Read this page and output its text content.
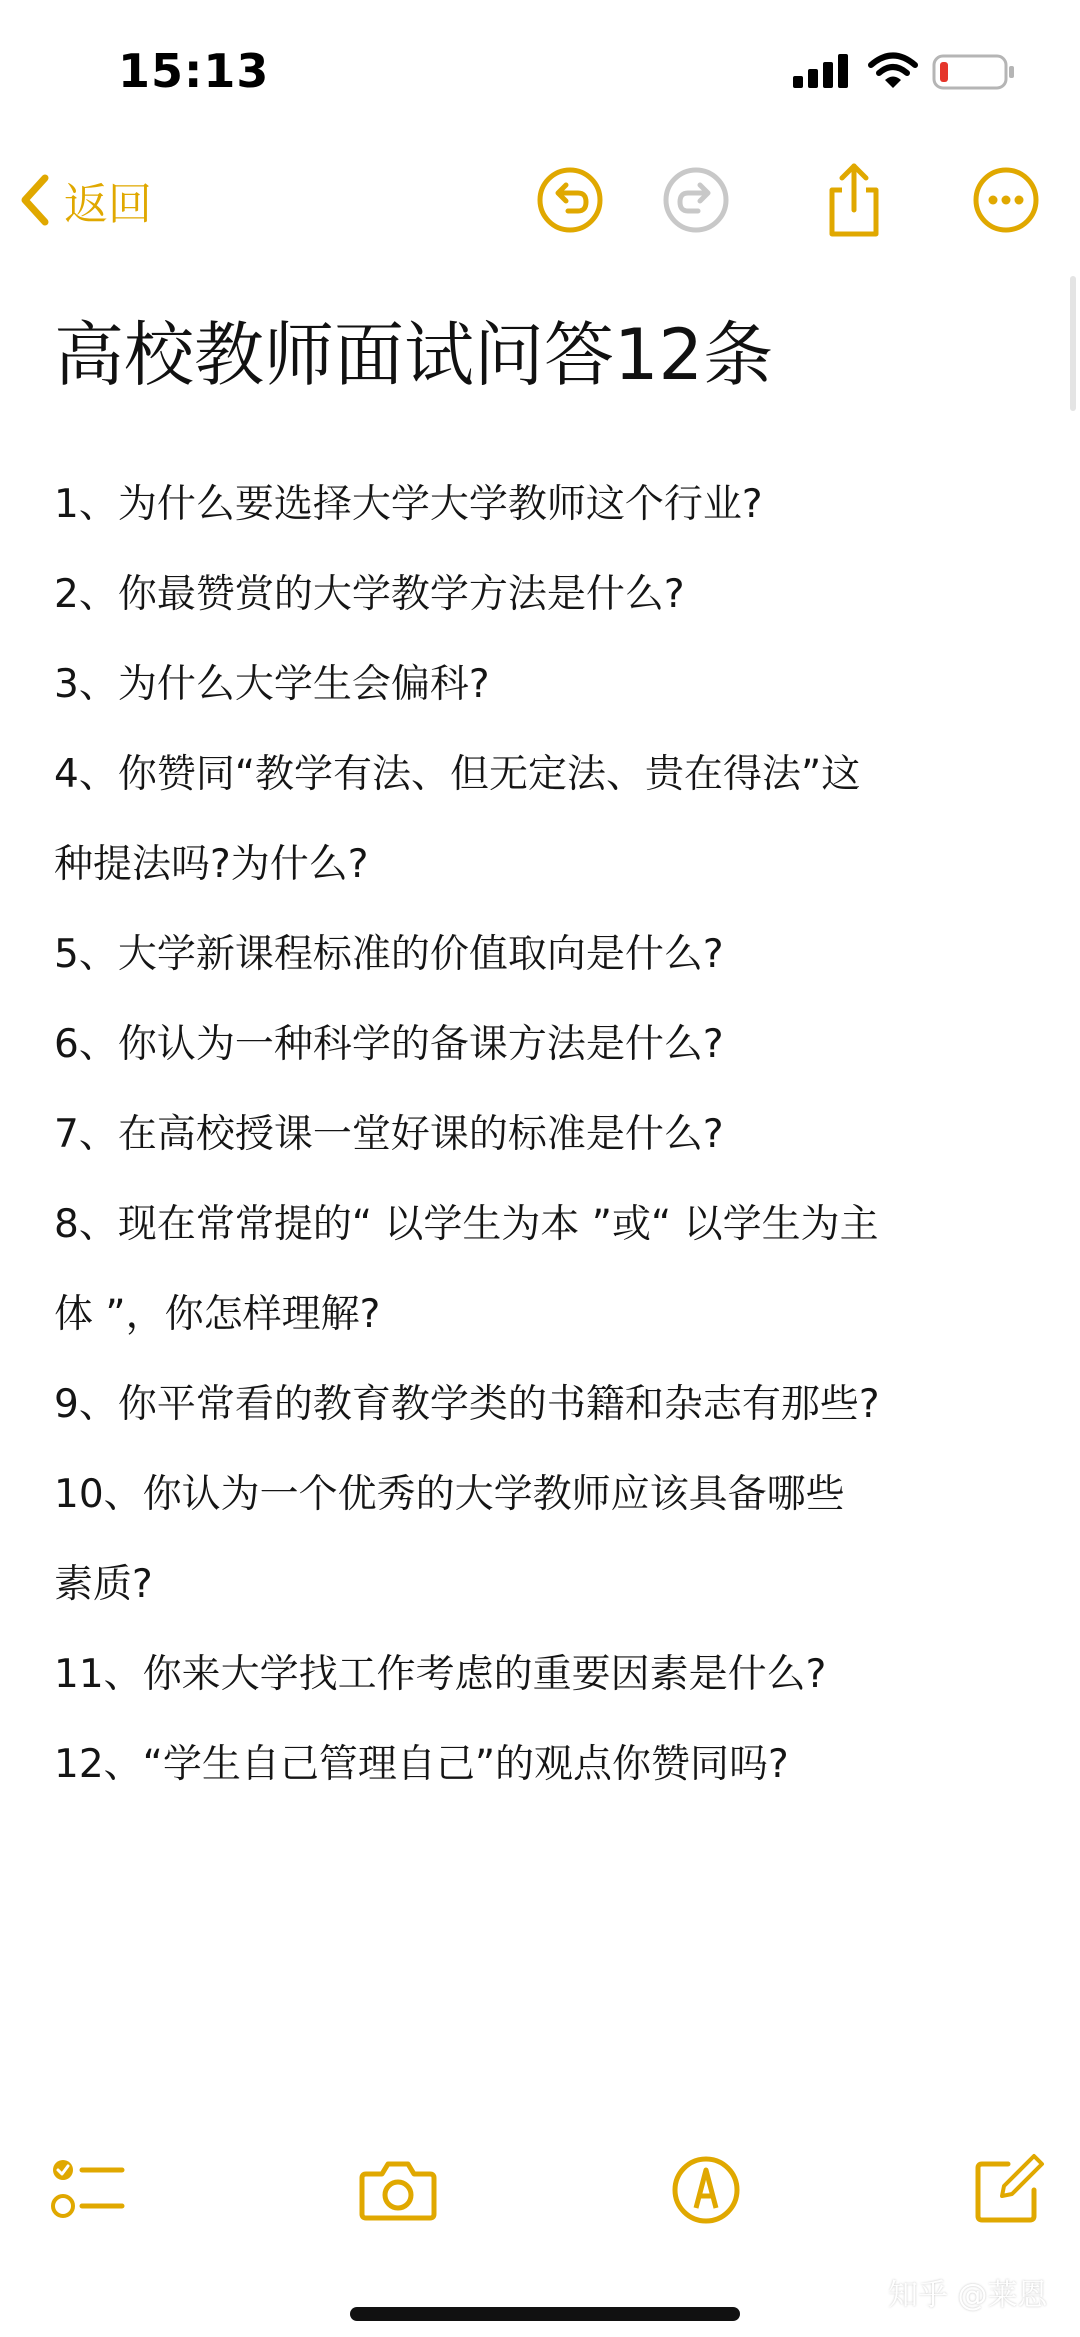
15:13
返回
高校教师面试问答12条
1、为什么要选择大学大学教师这个行业?
2、你最赞赏的大学教学方法是什么?
3、为什么大学生会偏科?
4、你赞同“教学有法、但无定法、贵在得法”这
种提法吗?为什么?
5、大学新课程标准的价值取向是什么?
6、你认为一种科学的备课方法是什么?
7、在高校授课一堂好课的标准是什么?
8、现在常常提的“ 以学生为本 ”或“ 以学生为主
体 ”，你怎样理解?
9、你平常看的教育教学类的书籍和杂志有那些?
10、你认为一个优秀的大学教师应该具备哪些
素质?
11、你来大学找工作考虑的重要因素是什么?
12、“学生自己管理自己”的观点你赞同吗?
知乎 @莱恩
